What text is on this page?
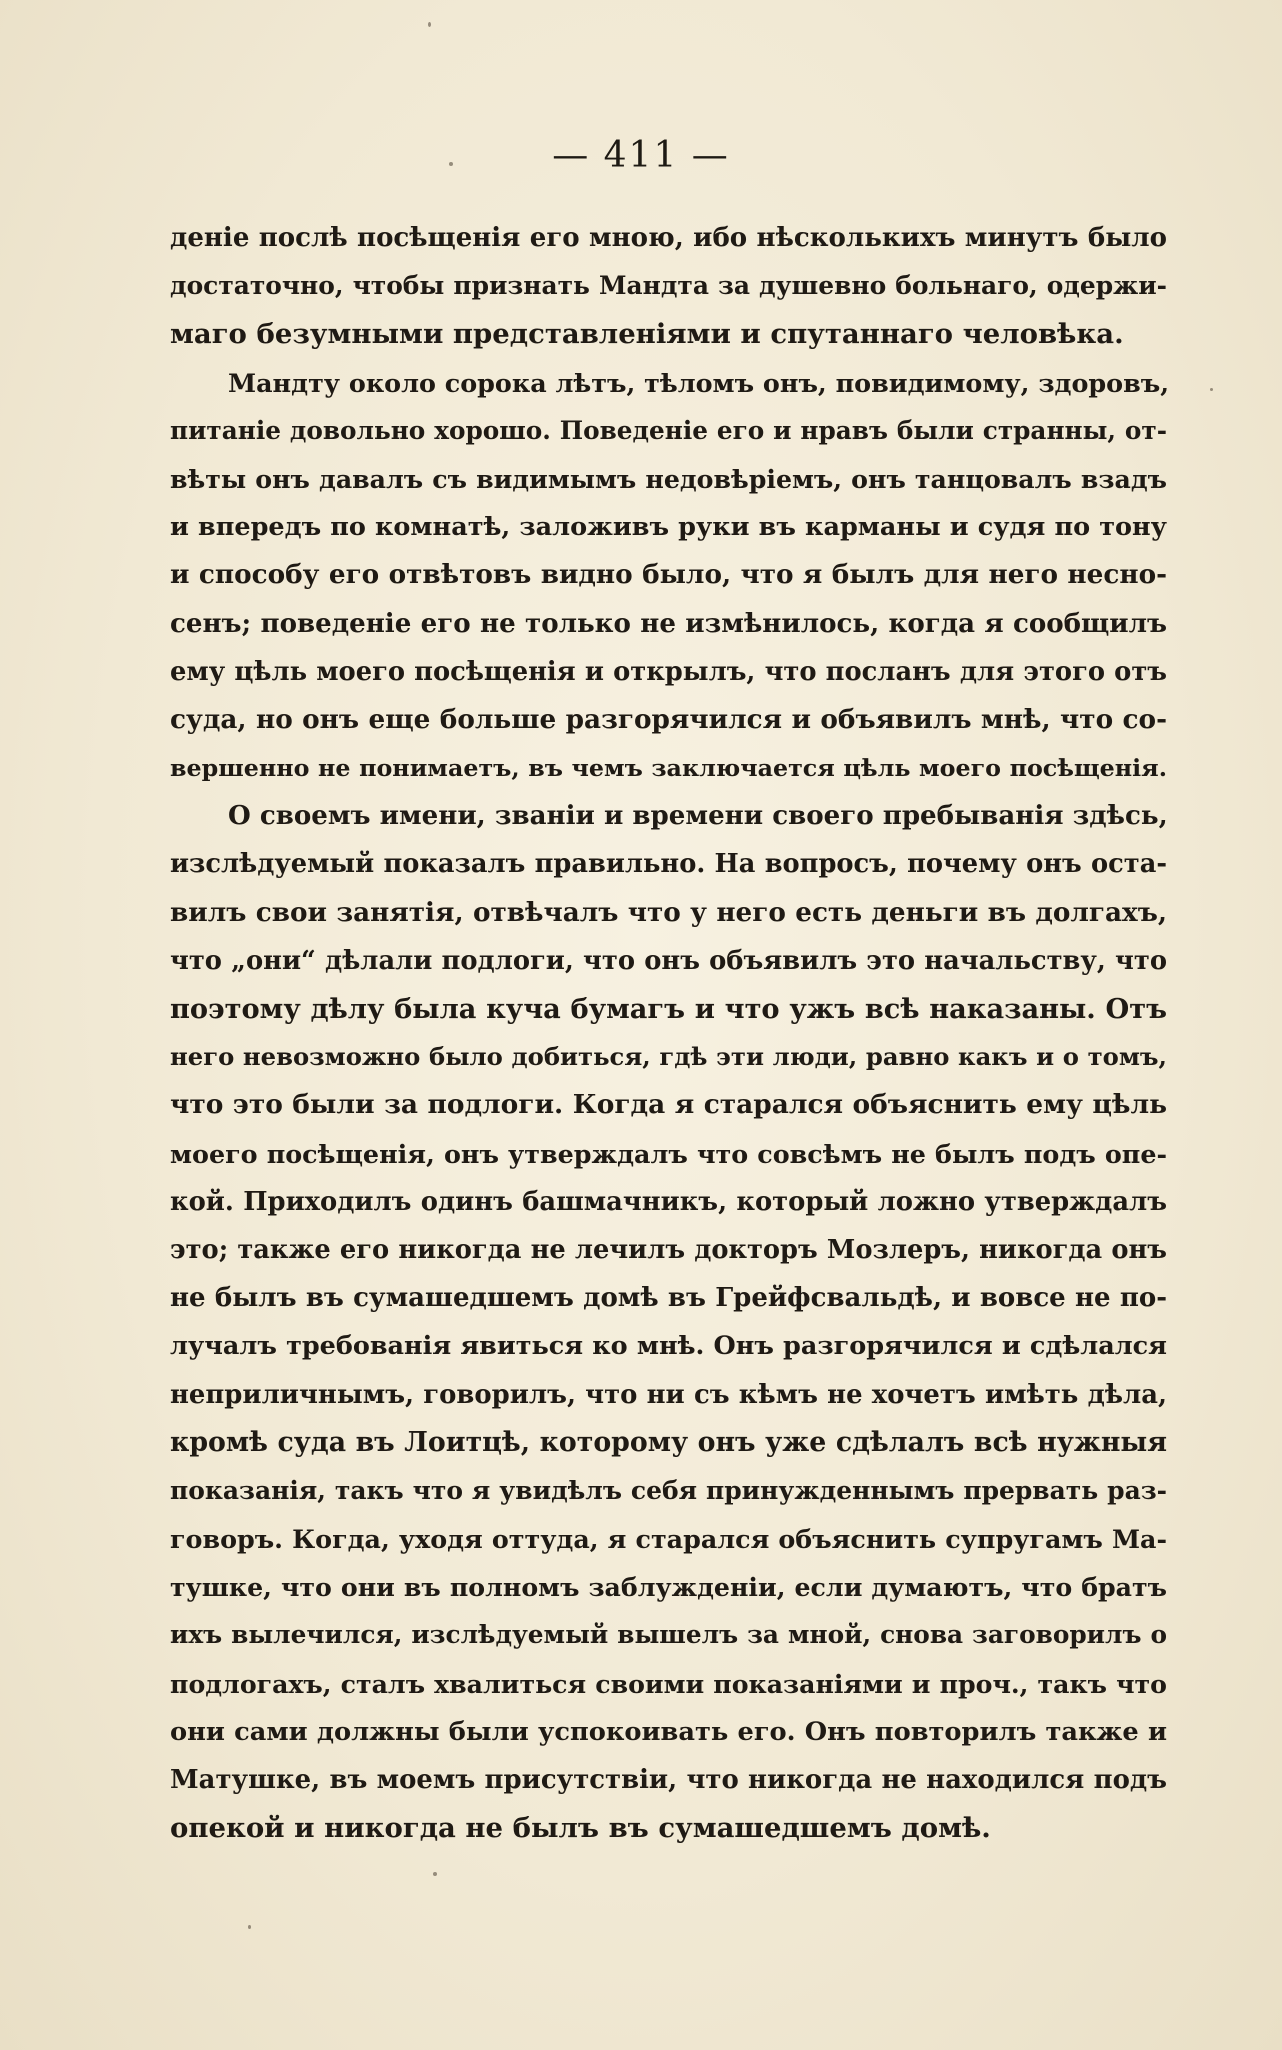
— 411 —
деніе послѣ посѣщенія его мною, ибо нѣсколькихъ минутъ было
достаточно, чтобы признать Мандта за душевно больнаго, одержи-
маго безумными представленіями и спутаннаго человѣка.
Мандту около сорока лѣтъ, тѣломъ онъ, повидимому, здоровъ,
питаніе довольно хорошо. Поведеніе его и нравъ были странны, от-
вѣты онъ давалъ съ видимымъ недовѣріемъ, онъ танцовалъ взадъ
и впередъ по комнатѣ, заложивъ руки въ карманы и судя по тону
и способу его отвѣтовъ видно было, что я былъ для него несно-
сенъ; поведеніе его не только не измѣнилось, когда я сообщилъ
ему цѣль моего посѣщенія и открылъ, что посланъ для этого отъ
суда, но онъ еще больше разгорячился и объявилъ мнѣ, что со-
вершенно не понимаетъ, въ чемъ заключается цѣль моего посѣщенія.
О своемъ имени, званіи и времени своего пребыванія здѣсь,
изслѣдуемый показалъ правильно. На вопросъ, почему онъ оста-
вилъ свои занятія, отвѣчалъ что у него есть деньги въ долгахъ,
что „они“ дѣлали подлоги, что онъ объявилъ это начальству, что
поэтому дѣлу была куча бумагъ и что ужъ всѣ наказаны. Отъ
него невозможно было добиться, гдѣ эти люди, равно какъ и о томъ,
что это были за подлоги. Когда я старался объяснить ему цѣль
моего посѣщенія, онъ утверждалъ что совсѣмъ не былъ подъ опе-
кой. Приходилъ одинъ башмачникъ, который ложно утверждалъ
это; также его никогда не лечилъ докторъ Мозлеръ, никогда онъ
не былъ въ сумашедшемъ домѣ въ Грейфсвальдѣ, и вовсе не по-
лучалъ требованія явиться ко мнѣ. Онъ разгорячился и сдѣлался
неприличнымъ, говорилъ, что ни съ кѣмъ не хочетъ имѣть дѣла,
кромѣ суда въ Лоитцѣ, которому онъ уже сдѣлалъ всѣ нужныя
показанія, такъ что я увидѣлъ себя принужденнымъ прервать раз-
говоръ. Когда, уходя оттуда, я старался объяснить супругамъ Ма-
тушке, что они въ полномъ заблужденіи, если думаютъ, что братъ
ихъ вылечился, изслѣдуемый вышелъ за мной, снова заговорилъ о
подлогахъ, сталъ хвалиться своими показаніями и проч., такъ что
они сами должны были успокоивать его. Онъ повторилъ также и
Матушке, въ моемъ присутствіи, что никогда не находился подъ
опекой и никогда не былъ въ сумашедшемъ домѣ.
